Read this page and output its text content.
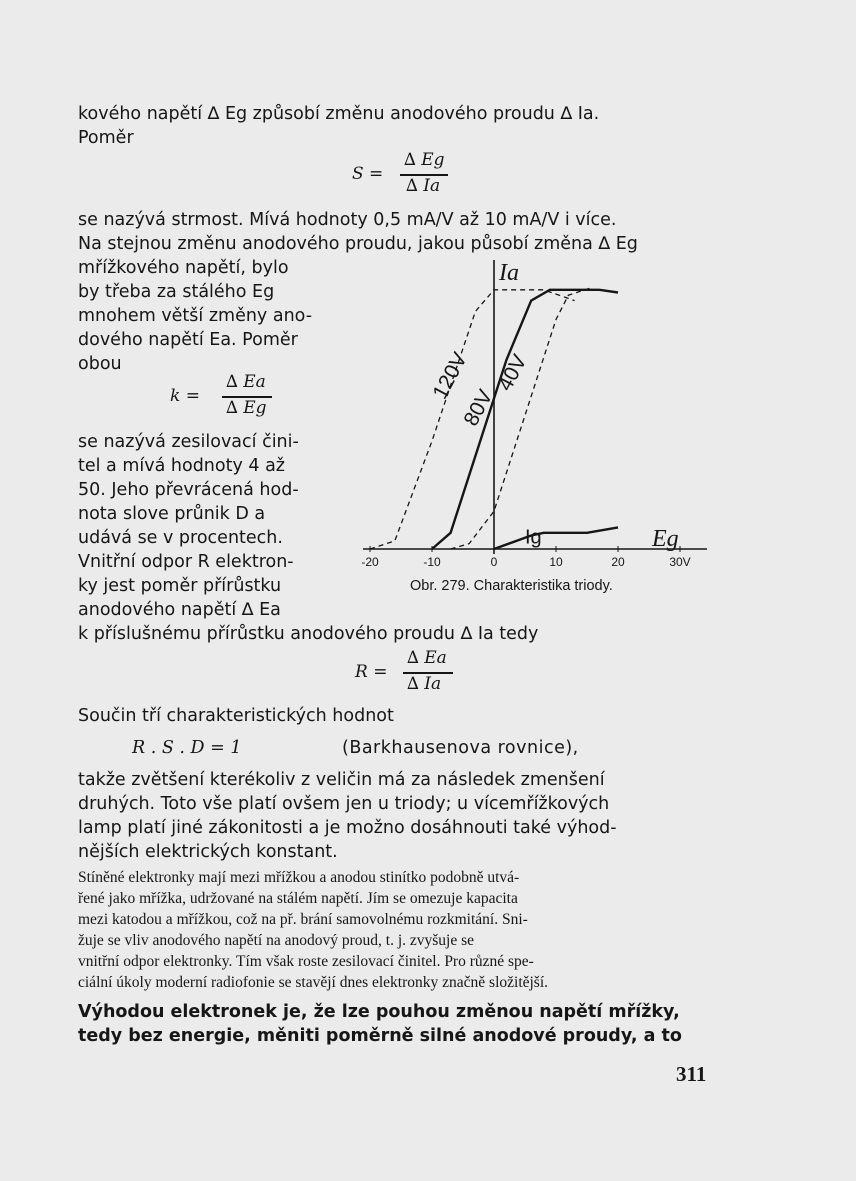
kového napětí ∆ Eg způsobí změnu anodového proudu ∆ Ia.
Poměr
S =
∆ Eg
∆ Ia
se nazývá strmost. Mívá hodnoty 0,5 mA/V až 10 mA/V i více.
Na stejnou změnu anodového proudu, jakou působí změna ∆ Eg
mřížkového napětí, bylo
by třeba za stálého Eg
mnohem větší změny ano-
dového napětí Ea. Poměr
obou
k =
∆ Ea
∆ Eg
se nazývá zesilovací čini-
tel a mívá hodnoty 4 až
50. Jeho převrácená hod-
nota slove průnik D a
udává se v procentech.
Vnitřní odpor R elektron-
ky jest poměr přírůstku
anodového napětí ∆ Ea
k příslušnému přírůstku anodového proudu ∆ Ia tedy
R =
∆ Ea
∆ Ia
Součin tří charakteristických hodnot
R . S . D = 1	(Barkhausenova rovnice),
takže zvětšení kterékoliv z veličin má za následek zmenšení
druhých. Toto vše platí ovšem jen u triody; u vícemřížkových
lamp platí jiné zákonitosti a je možno dosáhnouti také výhod-
nějších elektrických konstant.
Stíněné elektronky mají mezi mřížkou a anodou stinítko podobně utvá-
řené jako mřížka, udržované na stálém napětí. Jím se omezuje kapacita
mezi katodou a mřížkou, což na př. brání samovolnému rozkmitání. Sni-
žuje se vliv anodového napětí na anodový proud, t. j. zvyšuje se
vnitřní odpor elektronky. Tím však roste zesilovací činitel. Pro různé spe-
ciální úkoly moderní radiofonie se stavějí dnes elektronky značně složitější.
Výhodou elektronek je, že lze pouhou změnou napětí mřížky,
tedy bez energie, měniti poměrně silné anodové proudy, a to
120V
80V
40V
Ig
-20	-10	0	10	20	30V
Ia
Eg
Obr. 279. Charakteristika triody.
311
